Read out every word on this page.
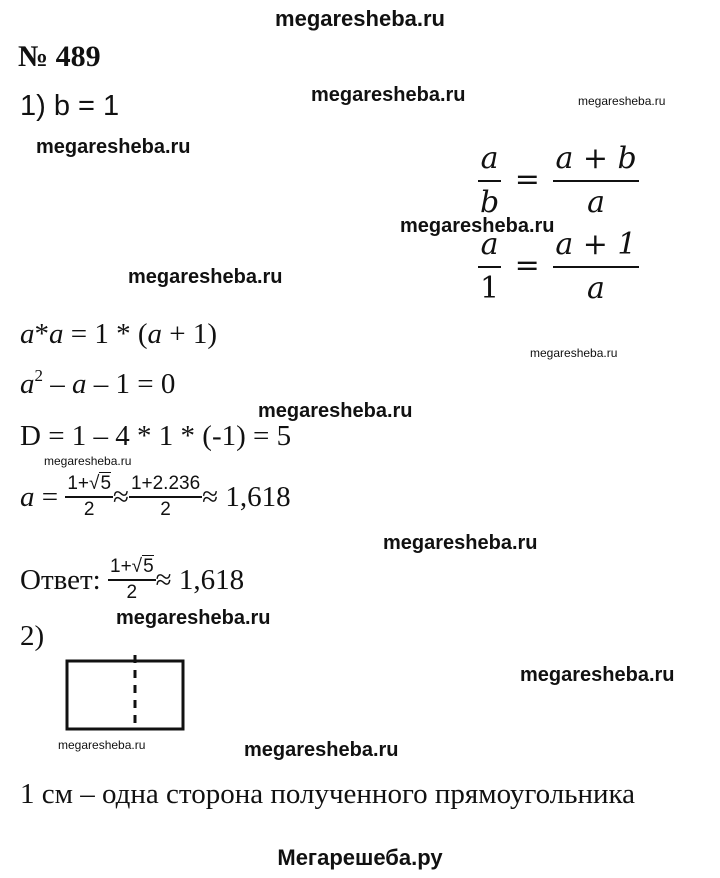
megaresheba.ru
№ 489
1) b = 1
$\frac{a}{b} = \frac{a + b}{a}$
$\frac{a}{1} = \frac{a + 1}{a}$
a*a = 1 * (a + 1)
$a^2 - a - 1 = 0$
D = 1 – 4 * 1 * (-1) = 5
$a = \frac{1+√5}{2} \approx \frac{1+2.236}{2} \approx 1,618$
Ответ: $\frac{1+√5}{2} \approx 1,618$
2)
1 см – одна сторона полученного прямоугольника
Мегарешеба.ру
megaresheba.ru	megaresheba.ru
megaresheba.ru
megaresheba.ru
megaresheba.ru
megaresheba.ru
megaresheba.ru
megaresheba.ru
megaresheba.ru
megaresheba.ru
megaresheba.ru
megaresheba.ru	megaresheba.ru
